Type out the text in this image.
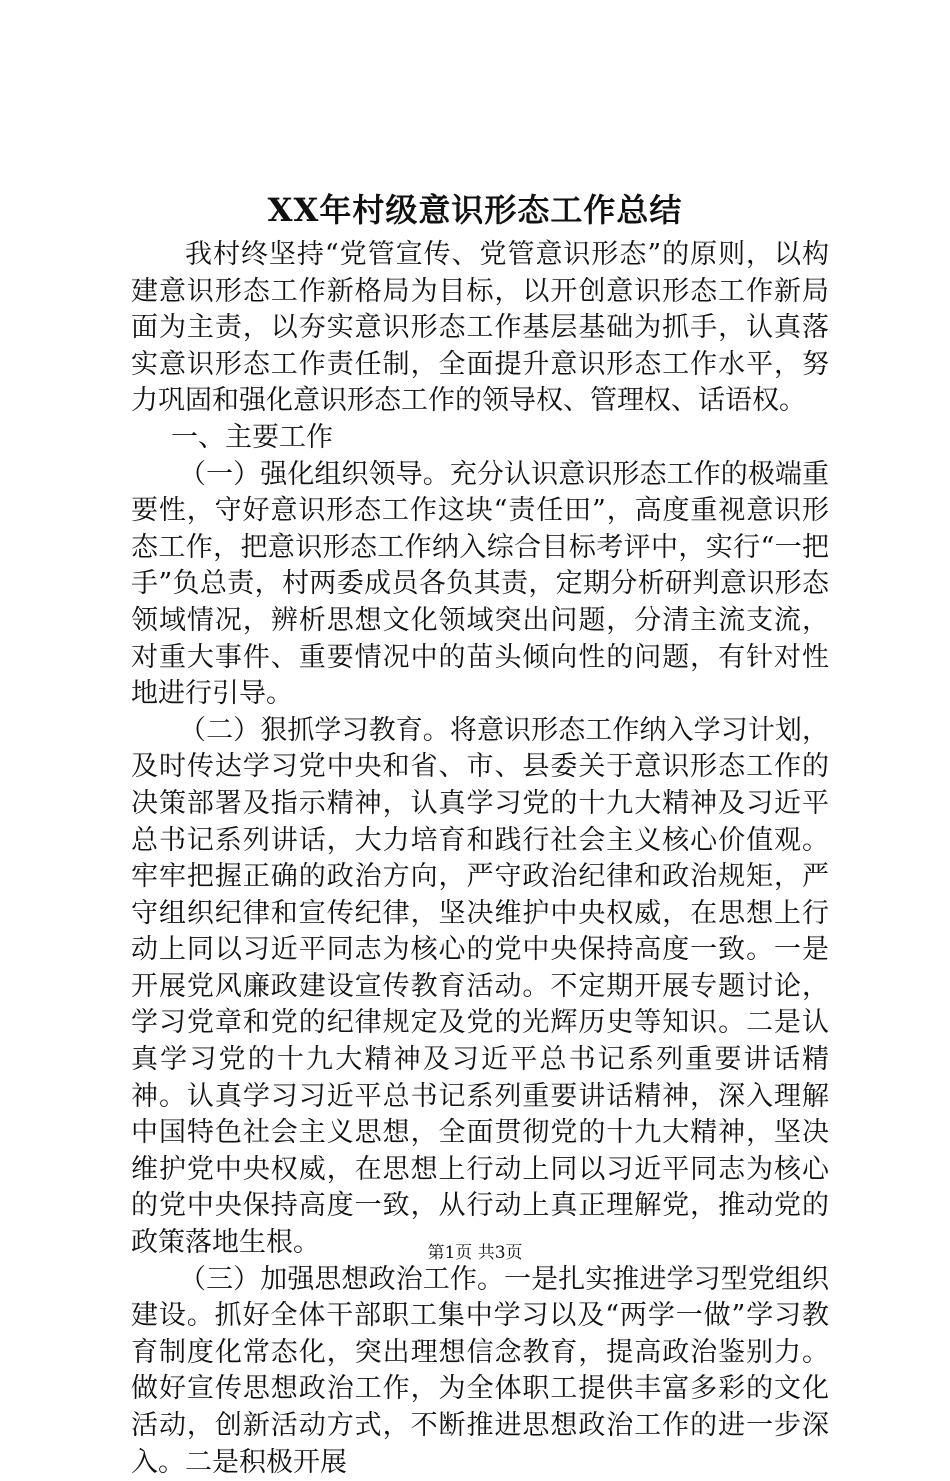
XX年村级意识形态工作总结

我村终坚持“党管宣传、党管意识形态”的原则，以构建意识形态工作新格局为目标，以开创意识形态工作新局面为主责，以夯实意识形态工作基层基础为抓手，认真落实意识形态工作责任制，全面提升意识形态工作水平，努力巩固和强化意识形态工作的领导权、管理权、话语权。

一、主要工作

（一）强化组织领导。充分认识意识形态工作的极端重要性，守好意识形态工作这块“责任田”，高度重视意识形态工作，把意识形态工作纳入综合目标考评中，实行“一把手”负总责，村两委成员各负其责，定期分析研判意识形态领域情况，辨析思想文化领域突出问题，分清主流支流，对重大事件、重要情况中的苗头倾向性的问题，有针对性地进行引导。

（二）狠抓学习教育。将意识形态工作纳入学习计划，及时传达学习党中央和省、市、县委关于意识形态工作的决策部署及指示精神，认真学习党的十九大精神及习近平总书记系列讲话，大力培育和践行社会主义核心价值观。牢牢把握正确的政治方向，严守政治纪律和政治规矩，严守组织纪律和宣传纪律，坚决维护中央权威，在思想上行动上同以习近平同志为核心的党中央保持高度一致。一是开展党风廉政建设宣传教育活动。不定期开展专题讨论，学习党章和党的纪律规定及党的光辉历史等知识。二是认真学习党的十九大精神及习近平总书记系列重要讲话精神。认真学习习近平总书记系列重要讲话精神，深入理解中国特色社会主义思想，全面贯彻党的十九大精神，坚决维护党中央权威，在思想上行动上同以习近平同志为核心的党中央保持高度一致，从行动上真正理解党，推动党的政策落地生根。

（三）加强思想政治工作。一是扎实推进学习型党组织建设。抓好全体干部职工集中学习以及“两学一做”学习教育制度化常态化，突出理想信念教育，提高政治鉴别力。做好宣传思想政治工作，为全体职工提供丰富多彩的文化活动，创新活动方式，不断推进思想政治工作的进一步深入。二是积极开展

第1页 共3页
